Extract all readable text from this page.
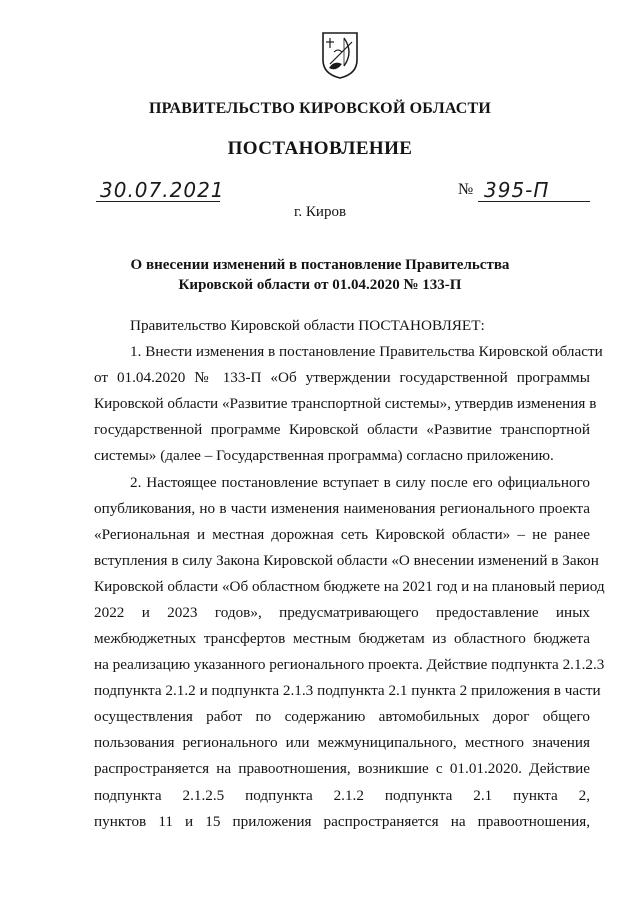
ПРАВИТЕЛЬСТВО КИРОВСКОЙ ОБЛАСТИ
ПОСТАНОВЛЕНИЕ
30.07.2021	№ 395-П
г. Киров
О внесении изменений в постановление Правительства
Кировской области от 01.04.2020 № 133-П
Правительство Кировской области ПОСТАНОВЛЯЕТ:
1. Внести изменения в постановление Правительства Кировской области
от 01.04.2020 № 133-П «Об утверждении государственной программы
Кировской области «Развитие транспортной системы», утвердив изменения в
государственной программе Кировской области «Развитие транспортной
системы» (далее – Государственная программа) согласно приложению.
2. Настоящее постановление вступает в силу после его официального
опубликования, но в части изменения наименования регионального проекта
«Региональная и местная дорожная сеть Кировской области» – не ранее
вступления в силу Закона Кировской области «О внесении изменений в Закон
Кировской области «Об областном бюджете на 2021 год и на плановый период
2022 и 2023 годов», предусматривающего предоставление иных
межбюджетных трансфертов местным бюджетам из областного бюджета
на реализацию указанного регионального проекта. Действие подпункта 2.1.2.3
подпункта 2.1.2 и подпункта 2.1.3 подпункта 2.1 пункта 2 приложения в части
осуществления работ по содержанию автомобильных дорог общего
пользования регионального или межмуниципального, местного значения
распространяется на правоотношения, возникшие с 01.01.2020. Действие
подпункта 2.1.2.5 подпункта 2.1.2 подпункта 2.1 пункта 2,
пунктов 11 и 15 приложения распространяется на правоотношения,
